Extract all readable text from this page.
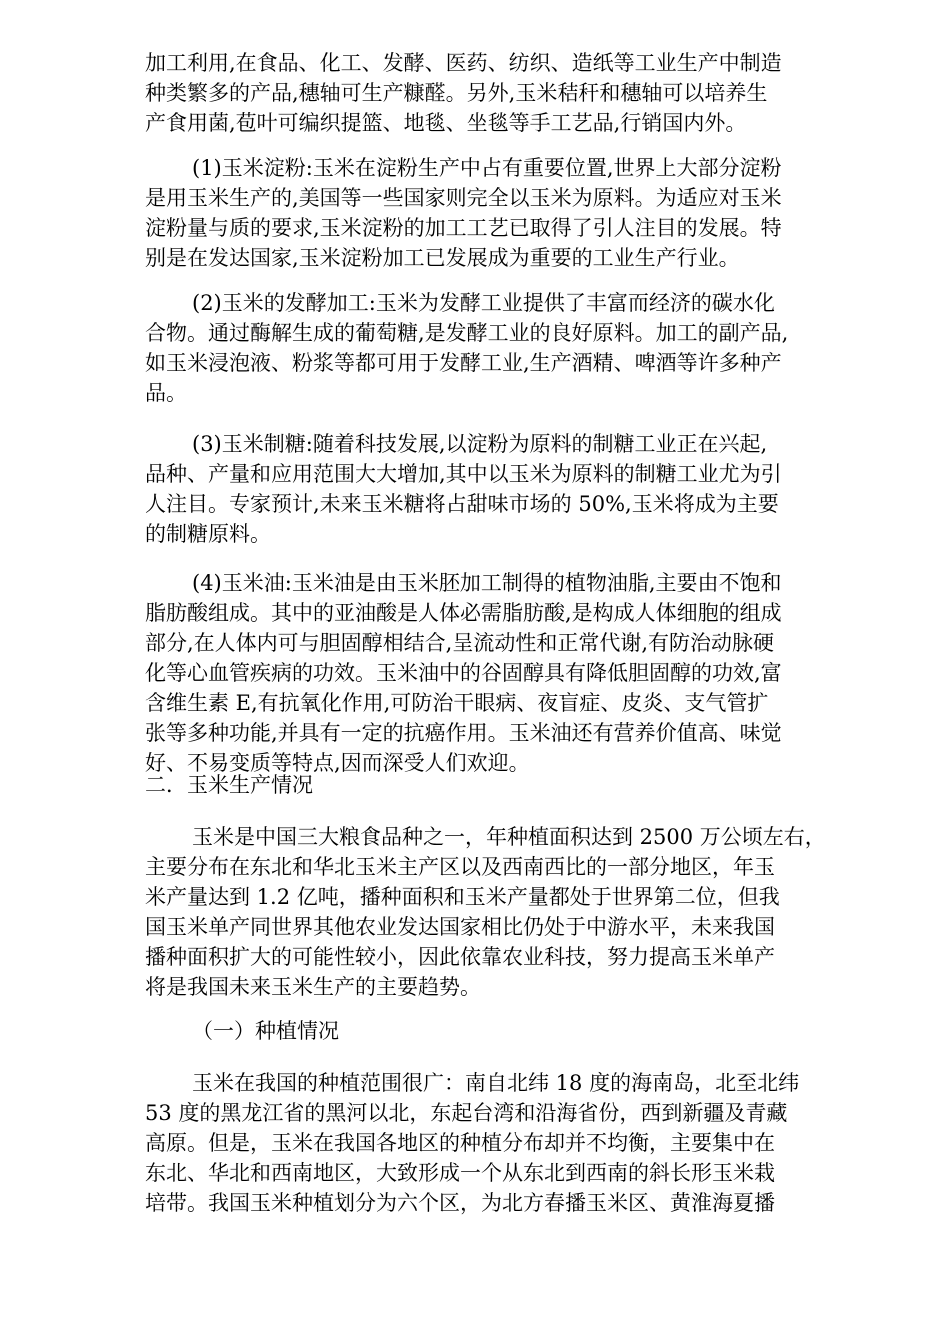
加工利用,在食品、化工、发酵、医药、纺织、造纸等工业生产中制造
种类繁多的产品,穗轴可生产糠醛。另外,玉米秸秆和穗轴可以培养生
产食用菌,苞叶可编织提篮、地毯、坐毯等手工艺品,行销国内外。
(1)玉米淀粉:玉米在淀粉生产中占有重要位置,世界上大部分淀粉
是用玉米生产的,美国等一些国家则完全以玉米为原料。为适应对玉米
淀粉量与质的要求,玉米淀粉的加工工艺已取得了引人注目的发展。特
别是在发达国家,玉米淀粉加工已发展成为重要的工业生产行业。
(2)玉米的发酵加工:玉米为发酵工业提供了丰富而经济的碳水化
合物。通过酶解生成的葡萄糖,是发酵工业的良好原料。加工的副产品,
如玉米浸泡液、粉浆等都可用于发酵工业,生产酒精、啤酒等许多种产
品。
(3)玉米制糖:随着科技发展,以淀粉为原料的制糖工业正在兴起,
品种、产量和应用范围大大增加,其中以玉米为原料的制糖工业尤为引
人注目。专家预计,未来玉米糖将占甜味市场的 50%,玉米将成为主要
的制糖原料。
(4)玉米油:玉米油是由玉米胚加工制得的植物油脂,主要由不饱和
脂肪酸组成。其中的亚油酸是人体必需脂肪酸,是构成人体细胞的组成
部分,在人体内可与胆固醇相结合,呈流动性和正常代谢,有防治动脉硬
化等心血管疾病的功效。玉米油中的谷固醇具有降低胆固醇的功效,富
含维生素 E,有抗氧化作用,可防治干眼病、夜盲症、皮炎、支气管扩
张等多种功能,并具有一定的抗癌作用。玉米油还有营养价值高、味觉
好、不易变质等特点,因而深受人们欢迎。
二．玉米生产情况
玉米是中国三大粮食品种之一，年种植面积达到 2500 万公顷左右，
主要分布在东北和华北玉米主产区以及西南西比的一部分地区，年玉
米产量达到 1.2 亿吨，播种面积和玉米产量都处于世界第二位，但我
国玉米单产同世界其他农业发达国家相比仍处于中游水平，未来我国
播种面积扩大的可能性较小，因此依靠农业科技，努力提高玉米单产
将是我国未来玉米生产的主要趋势。
（一）种植情况
玉米在我国的种植范围很广：南自北纬 18 度的海南岛，北至北纬
53 度的黑龙江省的黑河以北，东起台湾和沿海省份，西到新疆及青藏
高原。但是，玉米在我国各地区的种植分布却并不均衡，主要集中在
东北、华北和西南地区，大致形成一个从东北到西南的斜长形玉米栽
培带。我国玉米种植划分为六个区，为北方春播玉米区、黄淮海夏播
